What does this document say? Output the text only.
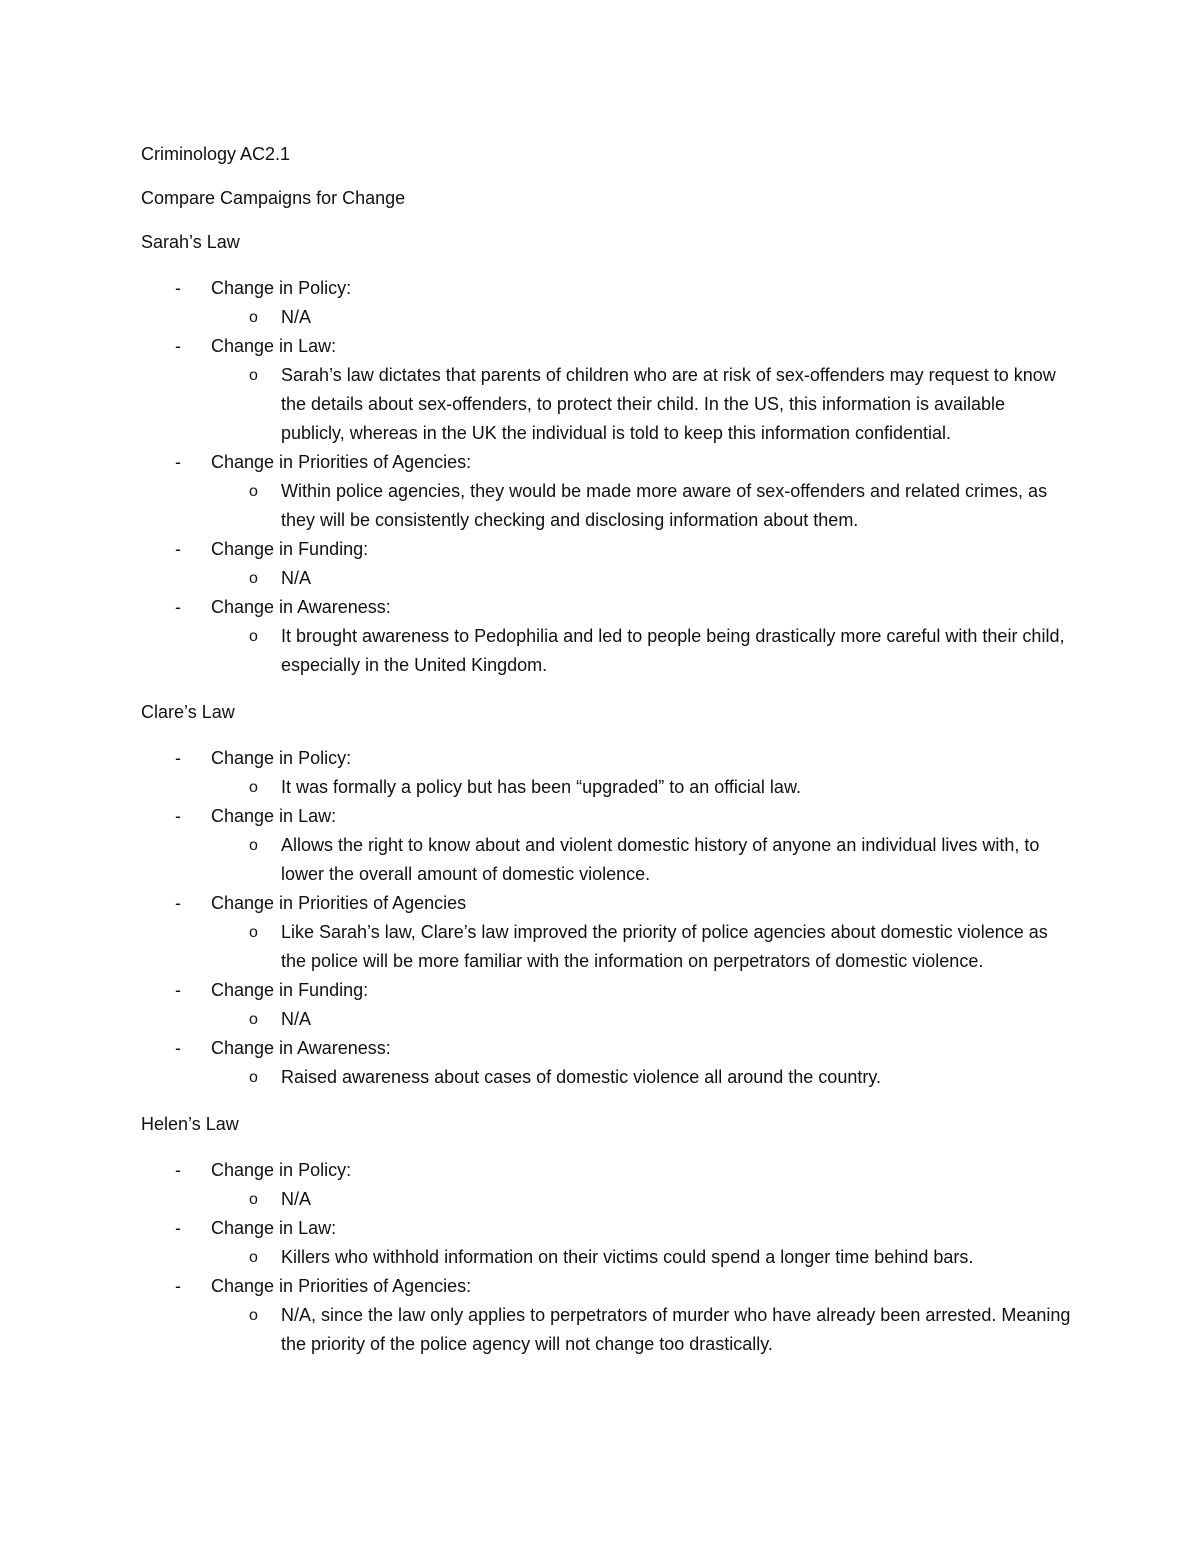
Criminology AC2.1

Compare Campaigns for Change

Sarah’s Law

- Change in Policy:
o N/A
- Change in Law:
o Sarah’s law dictates that parents of children who are at risk of sex-offenders may request to know the details about sex-offenders, to protect their child. In the US, this information is available publicly, whereas in the UK the individual is told to keep this information confidential.
- Change in Priorities of Agencies:
o Within police agencies, they would be made more aware of sex-offenders and related crimes, as they will be consistently checking and disclosing information about them.
- Change in Funding:
o N/A
- Change in Awareness:
o It brought awareness to Pedophilia and led to people being drastically more careful with their child, especially in the United Kingdom.

Clare’s Law

- Change in Policy:
o It was formally a policy but has been “upgraded” to an official law.
- Change in Law:
o Allows the right to know about and violent domestic history of anyone an individual lives with, to lower the overall amount of domestic violence.
- Change in Priorities of Agencies
o Like Sarah’s law, Clare’s law improved the priority of police agencies about domestic violence as the police will be more familiar with the information on perpetrators of domestic violence.
- Change in Funding:
o N/A
- Change in Awareness:
o Raised awareness about cases of domestic violence all around the country.

Helen’s Law

- Change in Policy:
o N/A
- Change in Law:
o Killers who withhold information on their victims could spend a longer time behind bars.
- Change in Priorities of Agencies:
o N/A, since the law only applies to perpetrators of murder who have already been arrested. Meaning the priority of the police agency will not change too drastically.
